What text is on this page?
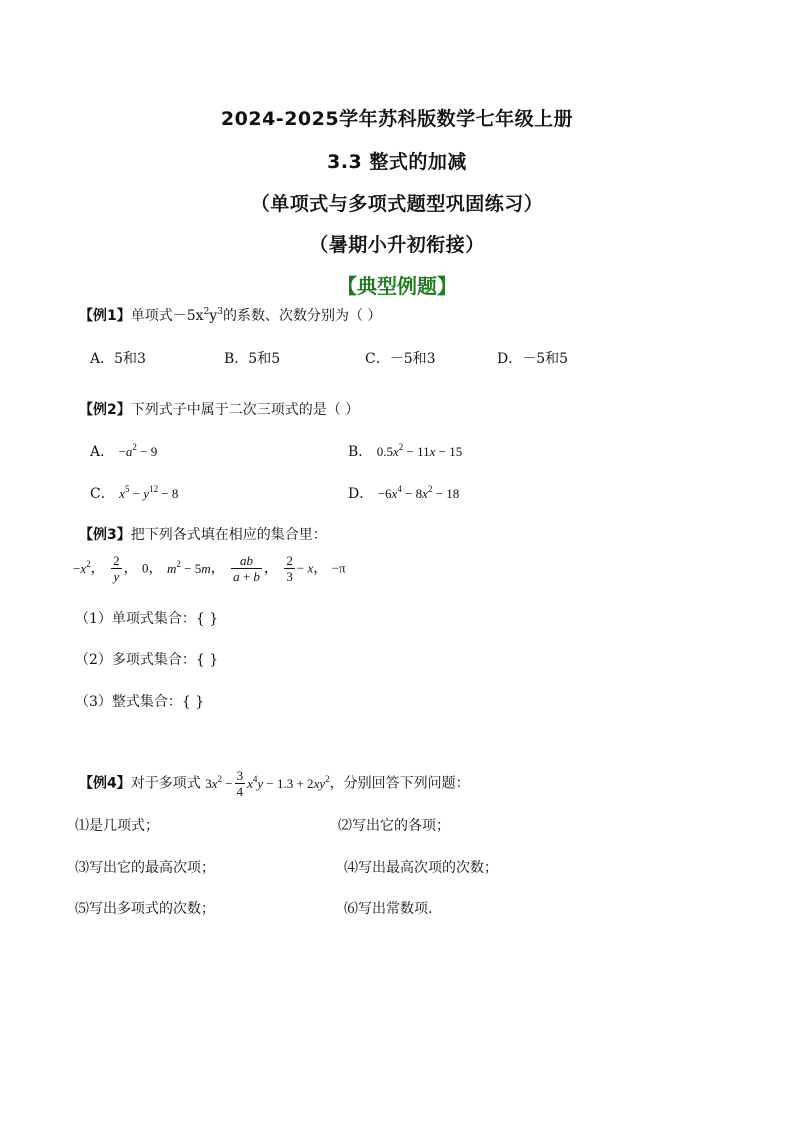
2024-2025学年苏科版数学七年级上册
3.3 整式的加减
（单项式与多项式题型巩固练习）
（暑期小升初衔接）
【典型例题】
【例1】单项式$-5x^2y^3$的系数、次数分别为（ ）
A．5和3	B．5和5	C．－5和3	D．－5和5
【例2】下列式子中属于二次三项式的是（ ）
A． $-a^2 - 9$	B． $0.5x^2 - 11x - 15$
C． $x^5 - y^{12} - 8$	D． $-6x^4 - 8x^2 - 18$
【例3】把下列各式填在相应的集合里：
$-x^2$， $\frac{2}{y}$ ， 0， $m^2 - 5m$， $\frac{ab}{a + b}$ ， $\frac{2}{3} - x$， −π
（1）单项式集合：{ }
（2）多项式集合：{ }
（3）整式集合：{ }
【例4】对于多项式 $3x^2 - \frac{3}{4} x^4y - 1.3 + 2xy^2$，分别回答下列问题：
⑴是几项式；	⑵写出它的各项；
⑶写出它的最高次项；	⑷写出最高次项的次数；
⑸写出多项式的次数；	⑹写出常数项.
